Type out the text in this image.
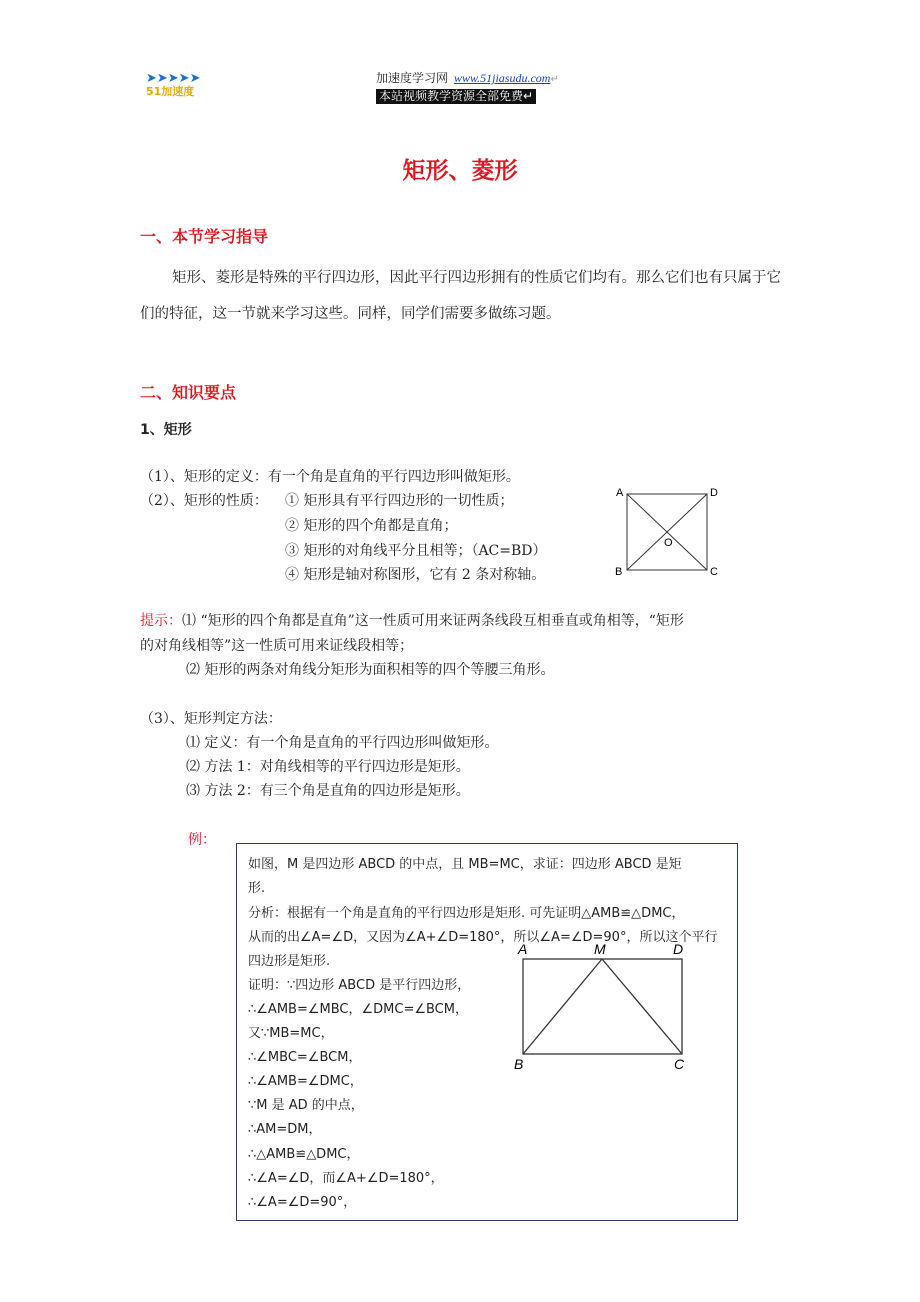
➤➤➤➤➤
51加速度
加速度学习网 www.51jiasudu.com↵
本站视频教学资源全部免费↵
矩形、菱形
一、本节学习指导
矩形、菱形是特殊的平行四边形，因此平行四边形拥有的性质它们均有。那么它们也有只属于它们的特征，这一节就来学习这些。同样，同学们需要多做练习题。
二、知识要点
1、矩形
（1）、矩形的定义：有一个角是直角的平行四边形叫做矩形。
（2）、矩形的性质： ① 矩形具有平行四边形的一切性质；
② 矩形的四个角都是直角；
③ 矩形的对角线平分且相等；（AC=BD）
④ 矩形是轴对称图形，它有 2 条对称轴。
A	D
B	C
O
提示：⑴ “矩形的四个角都是直角”这一性质可用来证两条线段互相垂直或角相等，“矩形
的对角线相等”这一性质可用来证线段相等；
⑵ 矩形的两条对角线分矩形为面积相等的四个等腰三角形。
（3）、矩形判定方法：
⑴ 定义：有一个角是直角的平行四边形叫做矩形。
⑵ 方法 1：对角线相等的平行四边形是矩形。
⑶ 方法 2：有三个角是直角的四边形是矩形。
例：
如图，M 是四边形 ABCD 的中点，且 MB=MC，求证：四边形 ABCD 是矩
形.
分析：根据有一个角是直角的平行四边形是矩形. 可先证明△AMB≌△DMC，
从而的出∠A=∠D，又因为∠A+∠D=180°，所以∠A=∠D=90°，所以这个平行
四边形是矩形.
证明：∵四边形 ABCD 是平行四边形，
∴∠AMB=∠MBC，∠DMC=∠BCM，
又∵MB=MC，
∴∠MBC=∠BCM，
∴∠AMB=∠DMC，
∵M 是 AD 的中点，
∴AM=DM，
∴△AMB≌△DMC，
∴∠A=∠D，而∠A+∠D=180°，
∴∠A=∠D=90°，
A	M	D
B	C
